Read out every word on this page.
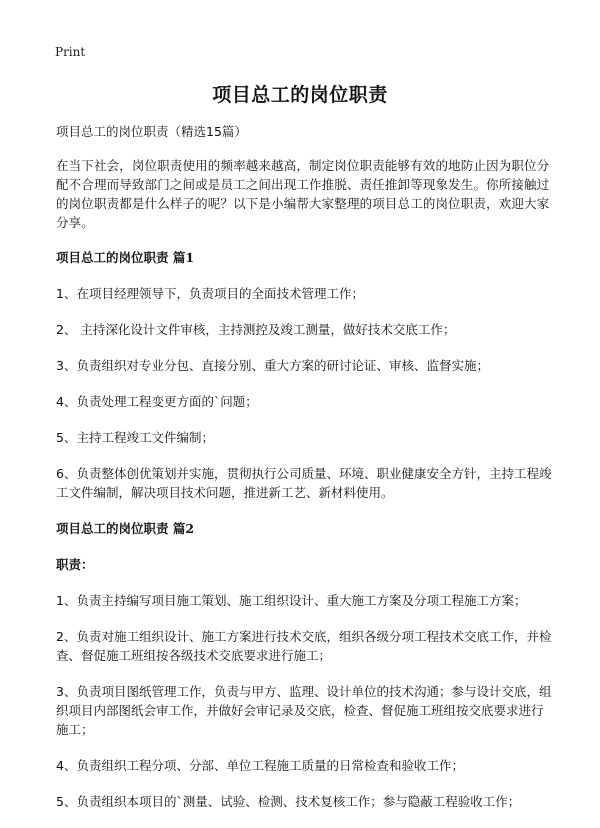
Print
项目总工的岗位职责

项目总工的岗位职责（精选15篇）

在当下社会，岗位职责使用的频率越来越高，制定岗位职责能够有效的地防止因为职位分配不合理而导致部门之间或是员工之间出现工作推脱、责任推卸等现象发生。你所接触过的岗位职责都是什么样子的呢？以下是小编帮大家整理的项目总工的岗位职责，欢迎大家分享。

项目总工的岗位职责 篇1

1、在项目经理领导下，负责项目的全面技术管理工作；

2、 主持深化设计文件审核，主持测控及竣工测量，做好技术交底工作；

3、负责组织对专业分包、直接分别、重大方案的研讨论证、审核、监督实施；

4、负责处理工程变更方面的`问题；

5、主持工程竣工文件编制；

6、负责整体创优策划并实施，贯彻执行公司质量、环境、职业健康安全方针，主持工程竣工文件编制，解决项目技术问题，推进新工艺、新材料使用。

项目总工的岗位职责 篇2

职责：

1、负责主持编写项目施工策划、施工组织设计、重大施工方案及分项工程施工方案；

2、负责对施工组织设计、施工方案进行技术交底，组织各级分项工程技术交底工作，并检查、督促施工班组按各级技术交底要求进行施工；

3、负责项目图纸管理工作，负责与甲方、监理、设计单位的技术沟通；参与设计交底，组织项目内部图纸会审工作，并做好会审记录及交底，检查、督促施工班组按交底要求进行施工；

4、负责组织工程分项、分部、单位工程施工质量的日常检查和验收工作；

5、负责组织本项目的`测量、试验、检测、技术复核工作；参与隐蔽工程验收工作；
